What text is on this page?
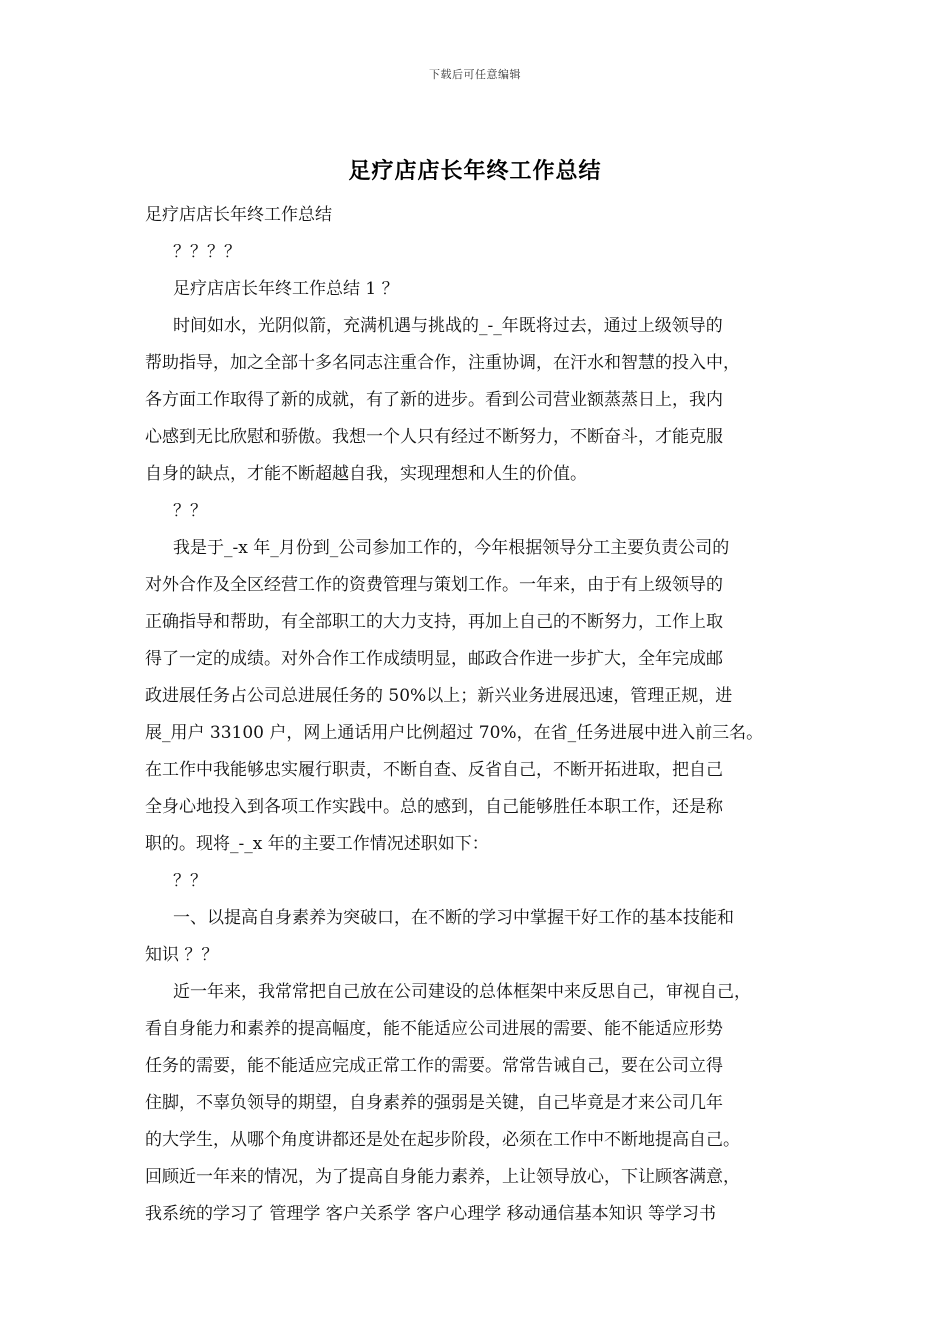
下载后可任意编辑
足疗店店长年终工作总结
足疗店店长年终工作总结
？？？？
足疗店店长年终工作总结 1 ？
时间如水，光阴似箭，充满机遇与挑战的_-_年既将过去，通过上级领导的
帮助指导，加之全部十多名同志注重合作，注重协调，在汗水和智慧的投入中，
各方面工作取得了新的成就，有了新的进步。看到公司营业额蒸蒸日上，我内
心感到无比欣慰和骄傲。我想一个人只有经过不断努力，不断奋斗，才能克服
自身的缺点，才能不断超越自我，实现理想和人生的价值。
？？
我是于_-x 年_月份到_公司参加工作的，今年根据领导分工主要负责公司的
对外合作及全区经营工作的资费管理与策划工作。一年来，由于有上级领导的
正确指导和帮助，有全部职工的大力支持，再加上自己的不断努力，工作上取
得了一定的成绩。对外合作工作成绩明显，邮政合作进一步扩大，全年完成邮
政进展任务占公司总进展任务的 50%以上；新兴业务进展迅速，管理正规，进
展_用户 33100 户，网上通话用户比例超过 70%，在省_任务进展中进入前三名。
在工作中我能够忠实履行职责，不断自查、反省自己，不断开拓进取，把自己
全身心地投入到各项工作实践中。总的感到，自己能够胜任本职工作，还是称
职的。现将_-_x 年的主要工作情况述职如下：
？？
一、以提高自身素养为突破口，在不断的学习中掌握干好工作的基本技能和
知识 ？？
近一年来，我常常把自己放在公司建设的总体框架中来反思自己，审视自己，
看自身能力和素养的提高幅度，能不能适应公司进展的需要、能不能适应形势
任务的需要，能不能适应完成正常工作的需要。常常告诫自己，要在公司立得
住脚，不辜负领导的期望，自身素养的强弱是关键，自己毕竟是才来公司几年
的大学生，从哪个角度讲都还是处在起步阶段，必须在工作中不断地提高自己。
回顾近一年来的情况，为了提高自身能力素养，上让领导放心，下让顾客满意，
我系统的学习了 管理学 客户关系学 客户心理学 移动通信基本知识 等学习书
